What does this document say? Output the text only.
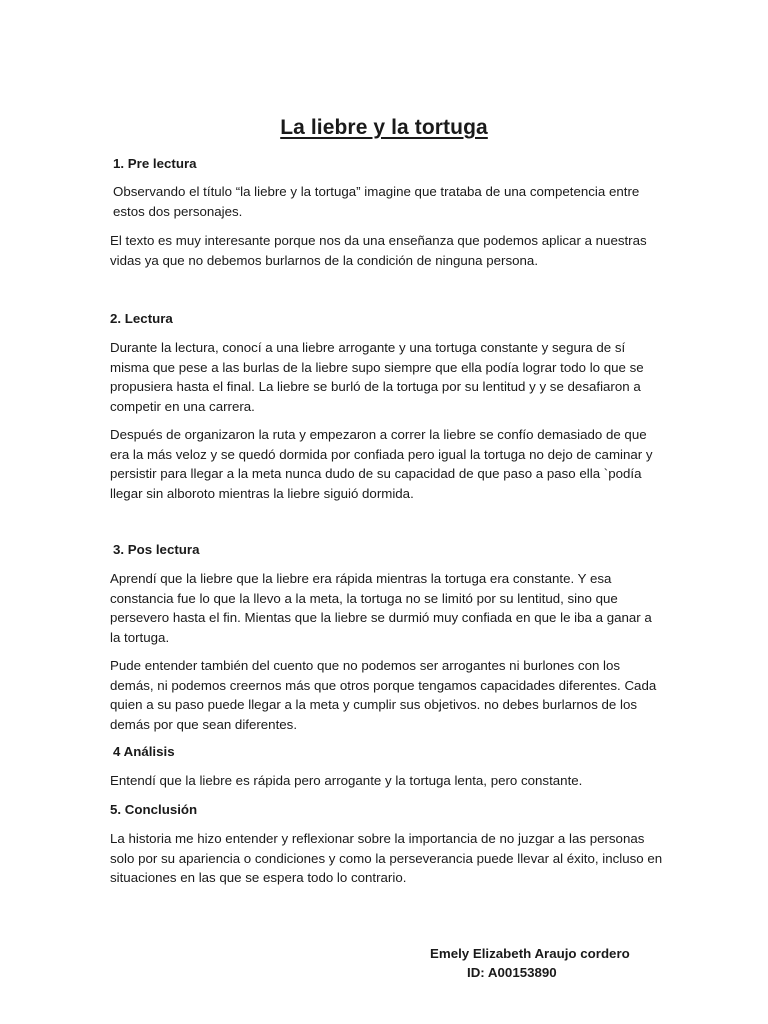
La liebre y la tortuga
1. Pre lectura
Observando el título “la liebre y la tortuga” imagine que trataba de una competencia entre estos dos personajes.
El texto es muy interesante porque nos da una enseñanza que podemos aplicar a nuestras vidas ya que no debemos burlarnos de la condición de ninguna persona.
2. Lectura
Durante la lectura, conocí a una liebre arrogante y una tortuga constante y segura de sí misma que pese a las burlas de la liebre supo siempre que ella podía lograr todo lo que se propusiera hasta el final. La liebre se burló de la tortuga por su lentitud y y se desafiaron a competir en una carrera.
Después de organizaron la ruta y empezaron a correr la liebre se confío demasiado de que era la más veloz y se quedó dormida por confiada pero igual la tortuga no dejo de caminar y persistir para llegar a la meta nunca dudo de su capacidad de que paso a paso ella `podía llegar sin alboroto mientras la liebre siguió dormida.
3. Pos lectura
Aprendí que la liebre que la liebre era rápida mientras la tortuga era constante. Y esa constancia fue lo que la llevo a la meta, la tortuga no se limitó por su lentitud, sino que persevero hasta el fin. Mientas que la liebre se durmió muy confiada en que le iba a ganar a la tortuga.
Pude entender también del cuento que no podemos ser arrogantes ni burlones con los demás, ni podemos creernos más que otros porque tengamos capacidades diferentes. Cada quien a su paso puede llegar a la meta y cumplir sus objetivos. no debes burlarnos de los demás por que sean diferentes.
4 Análisis
Entendí que la liebre es rápida pero arrogante y la tortuga lenta, pero constante.
5. Conclusión
La historia me hizo entender y reflexionar sobre la importancia de no juzgar a las personas solo por su apariencia o condiciones y como la perseverancia puede llevar al éxito, incluso en situaciones en las que se espera todo lo contrario.
Emely Elizabeth Araujo cordero
ID: A00153890
